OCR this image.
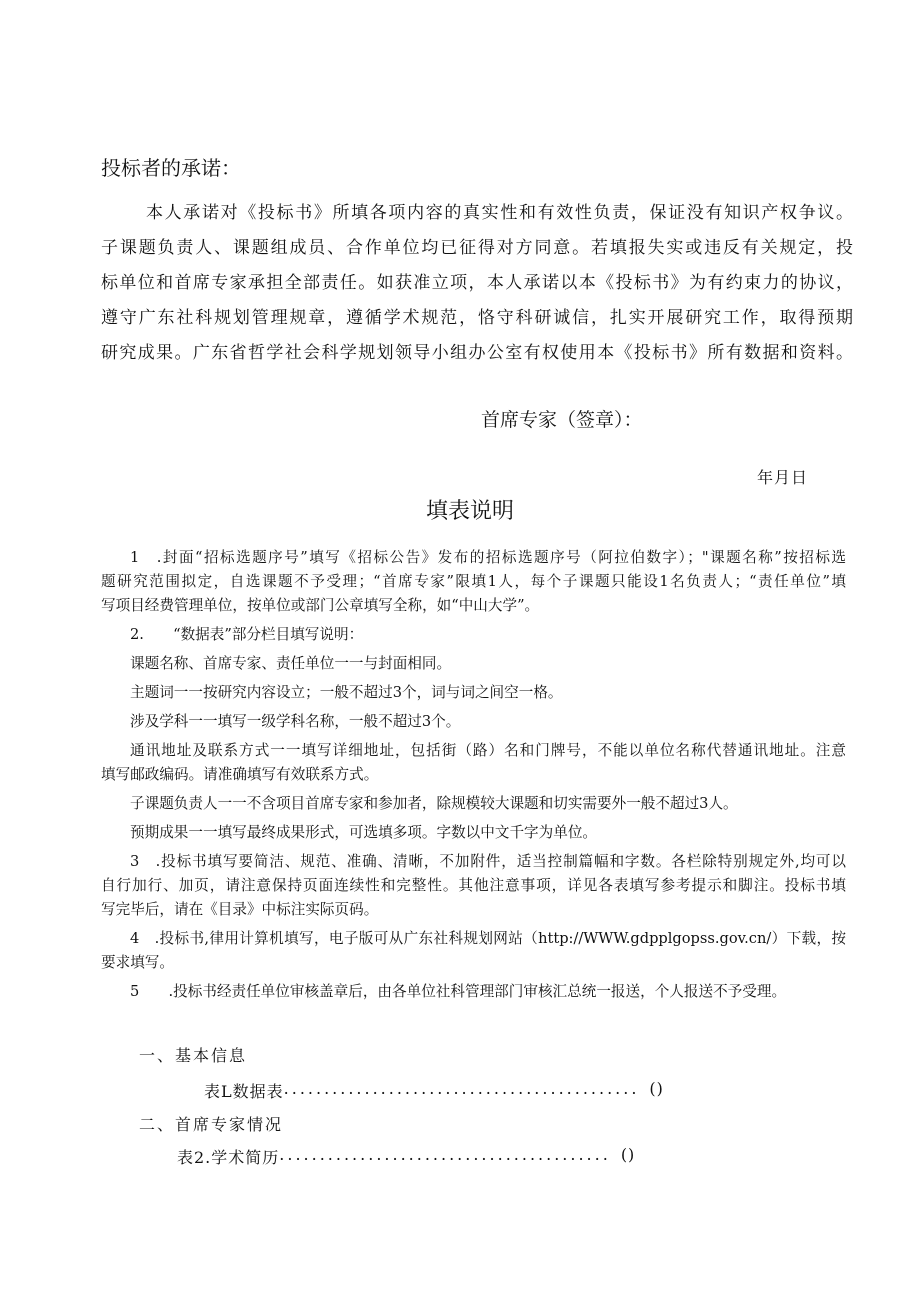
投标者的承诺：
本人承诺对《投标书》所填各项内容的真实性和有效性负责，保证没有知识产权争议。
子课题负责人、课题组成员、合作单位均已征得对方同意。若填报失实或违反有关规定，投
标单位和首席专家承担全部责任。如获准立项，本人承诺以本《投标书》为有约束力的协议，
遵守广东社科规划管理规章，遵循学术规范，恪守科研诚信，扎实开展研究工作，取得预期
研究成果。广东省哲学社会科学规划领导小组办公室有权使用本《投标书》所有数据和资料。
首席专家（签章）：
年月日
填表说明
1　.封面“招标选题序号”填写《招标公告》发布的招标选题序号（阿拉伯数字）；"课题名称”按招标选
题研究范围拟定，自选课题不予受理；“首席专家”限填1人，每个子课题只能设1名负责人；“责任单位”填
写项目经费管理单位，按单位或部门公章填写全称，如“中山大学”。
2.　　“数据表”部分栏目填写说明：
课题名称、首席专家、责任单位一一与封面相同。
主题词一一按研究内容设立；一般不超过3个，词与词之间空一格。
涉及学科一一填写一级学科名称，一般不超过3个。
通讯地址及联系方式一一填写详细地址，包括街（路）名和门牌号，不能以单位名称代替通讯地址。注意
填写邮政编码。请准确填写有效联系方式。
子课题负责人一一不含项目首席专家和参加者，除规模较大课题和切实需要外一般不超过3人。
预期成果一一填写最终成果形式，可选填多项。字数以中文千字为单位。
3　.投标书填写要简洁、规范、准确、清晰，不加附件，适当控制篇幅和字数。各栏除特别规定外,均可以
自行加行、加页，请注意保持页面连续性和完整性。其他注意事项，详见各表填写参考提示和脚注。投标书填
写完毕后，请在《目录》中标注实际页码。
4　.投标书,律用计算机填写，电子版可从广东社科规划网站（http://WWW.gdpplgopss.gov.cn/）下载，按
要求填写。
5　　.投标书经责任单位审核盖章后，由各单位社科管理部门审核汇总统一报送，个人报送不予受理。
一、基本信息
表L数据表 ............................................ ()
二、首席专家情况
表2.学术简历 ......................................... ()
